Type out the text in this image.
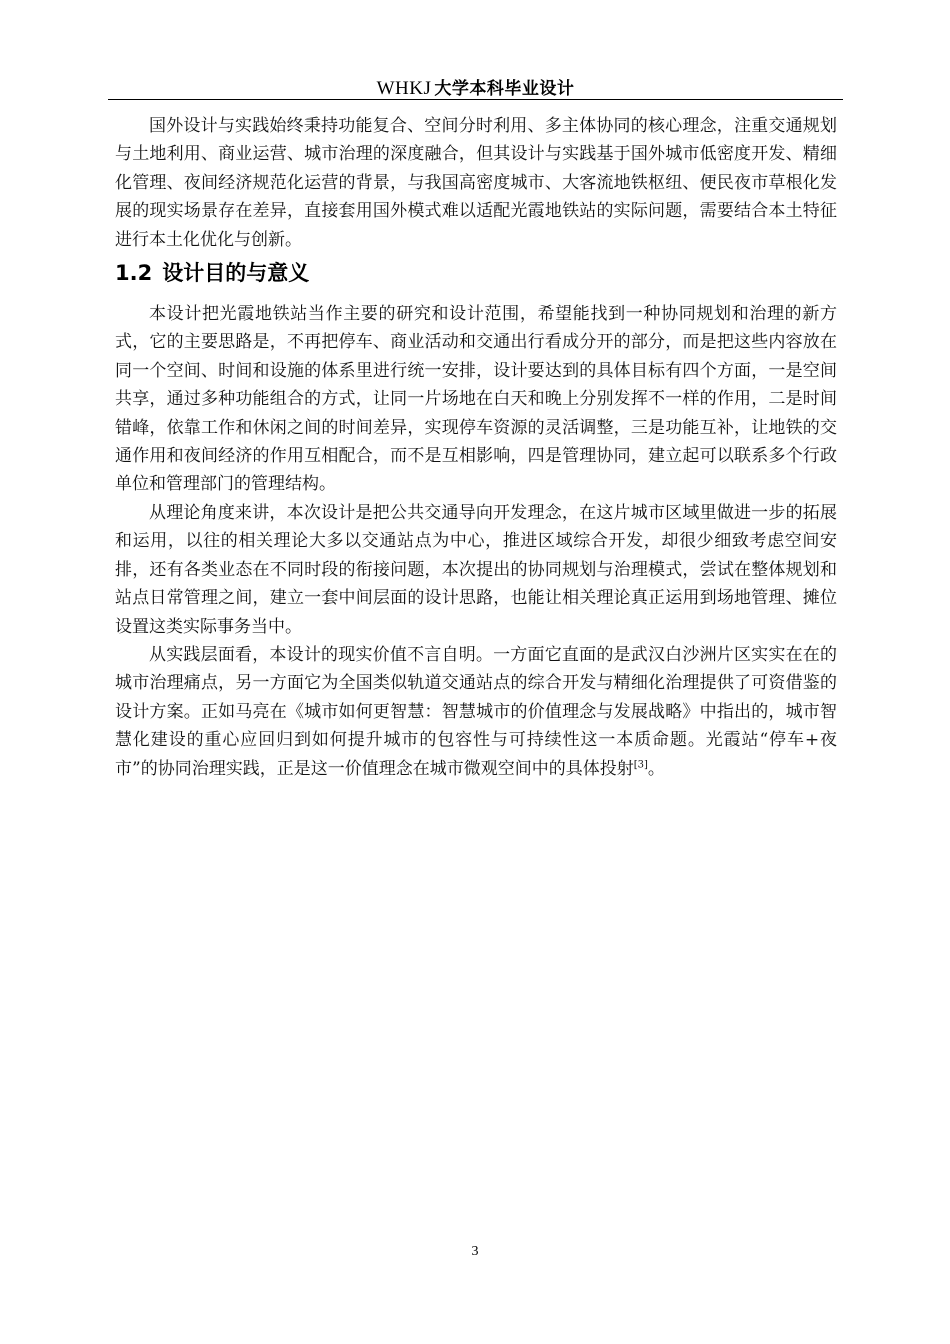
WHKJ 大学本科毕业设计

国外设计与实践始终秉持功能复合、空间分时利用、多主体协同的核心理念，注重交通规划与土地利用、商业运营、城市治理的深度融合，但其设计与实践基于国外城市低密度开发、精细化管理、夜间经济规范化运营的背景，与我国高密度城市、大客流地铁枢纽、便民夜市草根化发展的现实场景存在差异，直接套用国外模式难以适配光霞地铁站的实际问题，需要结合本土特征进行本土化优化与创新。

1.2 设计目的与意义

本设计把光霞地铁站当作主要的研究和设计范围，希望能找到一种协同规划和治理的新方式，它的主要思路是，不再把停车、商业活动和交通出行看成分开的部分，而是把这些内容放在同一个空间、时间和设施的体系里进行统一安排，设计要达到的具体目标有四个方面，一是空间共享，通过多种功能组合的方式，让同一片场地在白天和晚上分别发挥不一样的作用，二是时间错峰，依靠工作和休闲之间的时间差异，实现停车资源的灵活调整，三是功能互补，让地铁的交通作用和夜间经济的作用互相配合，而不是互相影响，四是管理协同，建立起可以联系多个行政单位和管理部门的管理结构。

从理论角度来讲，本次设计是把公共交通导向开发理念，在这片城市区域里做进一步的拓展和运用，以往的相关理论大多以交通站点为中心，推进区域综合开发，却很少细致考虑空间安排，还有各类业态在不同时段的衔接问题，本次提出的协同规划与治理模式，尝试在整体规划和站点日常管理之间，建立一套中间层面的设计思路，也能让相关理论真正运用到场地管理、摊位设置这类实际事务当中。

从实践层面看，本设计的现实价值不言自明。一方面它直面的是武汉白沙洲片区实实在在的城市治理痛点，另一方面它为全国类似轨道交通站点的综合开发与精细化治理提供了可资借鉴的设计方案。正如马亮在《城市如何更智慧：智慧城市的价值理念与发展战略》中指出的，城市智慧化建设的重心应回归到如何提升城市的包容性与可持续性这一本质命题。光霞站“停车+夜市”的协同治理实践，正是这一价值理念在城市微观空间中的具体投射[3]。

3
